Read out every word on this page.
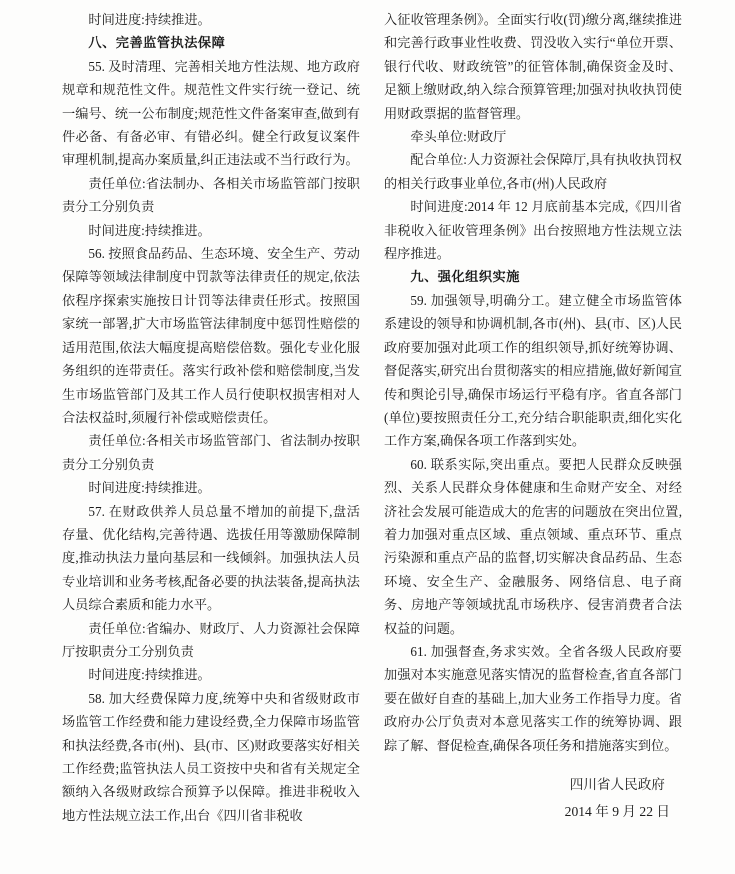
时间进度:持续推进。

八、完善监管执法保障

55. 及时清理、完善相关地方性法规、地方政府规章和规范性文件。规范性文件实行统一登记、统一编号、统一公布制度;规范性文件备案审查,做到有件必备、有备必审、有错必纠。健全行政复议案件审理机制,提高办案质量,纠正违法或不当行政行为。

责任单位:省法制办、各相关市场监管部门按职责分工分别负责

时间进度:持续推进。

56. 按照食品药品、生态环境、安全生产、劳动保障等领域法律制度中罚款等法律责任的规定,依法依程序探索实施按日计罚等法律责任形式。按照国家统一部署,扩大市场监管法律制度中惩罚性赔偿的适用范围,依法大幅度提高赔偿倍数。强化专业化服务组织的连带责任。落实行政补偿和赔偿制度,当发生市场监管部门及其工作人员行使职权损害相对人合法权益时,须履行补偿或赔偿责任。

责任单位:各相关市场监管部门、省法制办按职责分工分别负责

时间进度:持续推进。

57. 在财政供养人员总量不增加的前提下,盘活存量、优化结构,完善待遇、选拔任用等激励保障制度,推动执法力量向基层和一线倾斜。加强执法人员专业培训和业务考核,配备必要的执法装备,提高执法人员综合素质和能力水平。

责任单位:省编办、财政厅、人力资源社会保障厅按职责分工分别负责

时间进度:持续推进。

58. 加大经费保障力度,统筹中央和省级财政市场监管工作经费和能力建设经费,全力保障市场监管和执法经费,各市(州)、县(市、区)财政要落实好相关工作经费;监管执法人员工资按中央和省有关规定全额纳入各级财政综合预算予以保障。推进非税收入地方性法规立法工作,出台《四川省非税收

入征收管理条例》。全面实行收(罚)缴分离,继续推进和完善行政事业性收费、罚没收入实行“单位开票、银行代收、财政统管”的征管体制,确保资金及时、足额上缴财政,纳入综合预算管理;加强对执收执罚使用财政票据的监督管理。

牵头单位:财政厅

配合单位:人力资源社会保障厅,具有执收执罚权的相关行政事业单位,各市(州)人民政府

时间进度:2014 年 12 月底前基本完成,《四川省非税收入征收管理条例》出台按照地方性法规立法程序推进。

九、强化组织实施

59. 加强领导,明确分工。建立健全市场监管体系建设的领导和协调机制,各市(州)、县(市、区)人民政府要加强对此项工作的组织领导,抓好统筹协调、督促落实,研究出台贯彻落实的相应措施,做好新闻宣传和舆论引导,确保市场运行平稳有序。省直各部门(单位)要按照责任分工,充分结合职能职责,细化实化工作方案,确保各项工作落到实处。

60. 联系实际,突出重点。要把人民群众反映强烈、关系人民群众身体健康和生命财产安全、对经济社会发展可能造成大的危害的问题放在突出位置,着力加强对重点区域、重点领域、重点环节、重点污染源和重点产品的监督,切实解决食品药品、生态环境、安全生产、金融服务、网络信息、电子商务、房地产等领域扰乱市场秩序、侵害消费者合法权益的问题。

61. 加强督查,务求实效。全省各级人民政府要加强对本实施意见落实情况的监督检查,省直各部门要在做好自查的基础上,加大业务工作指导力度。省政府办公厅负责对本意见落实工作的统筹协调、跟踪了解、督促检查,确保各项任务和措施落实到位。

四川省人民政府
2014 年 9 月 22 日
